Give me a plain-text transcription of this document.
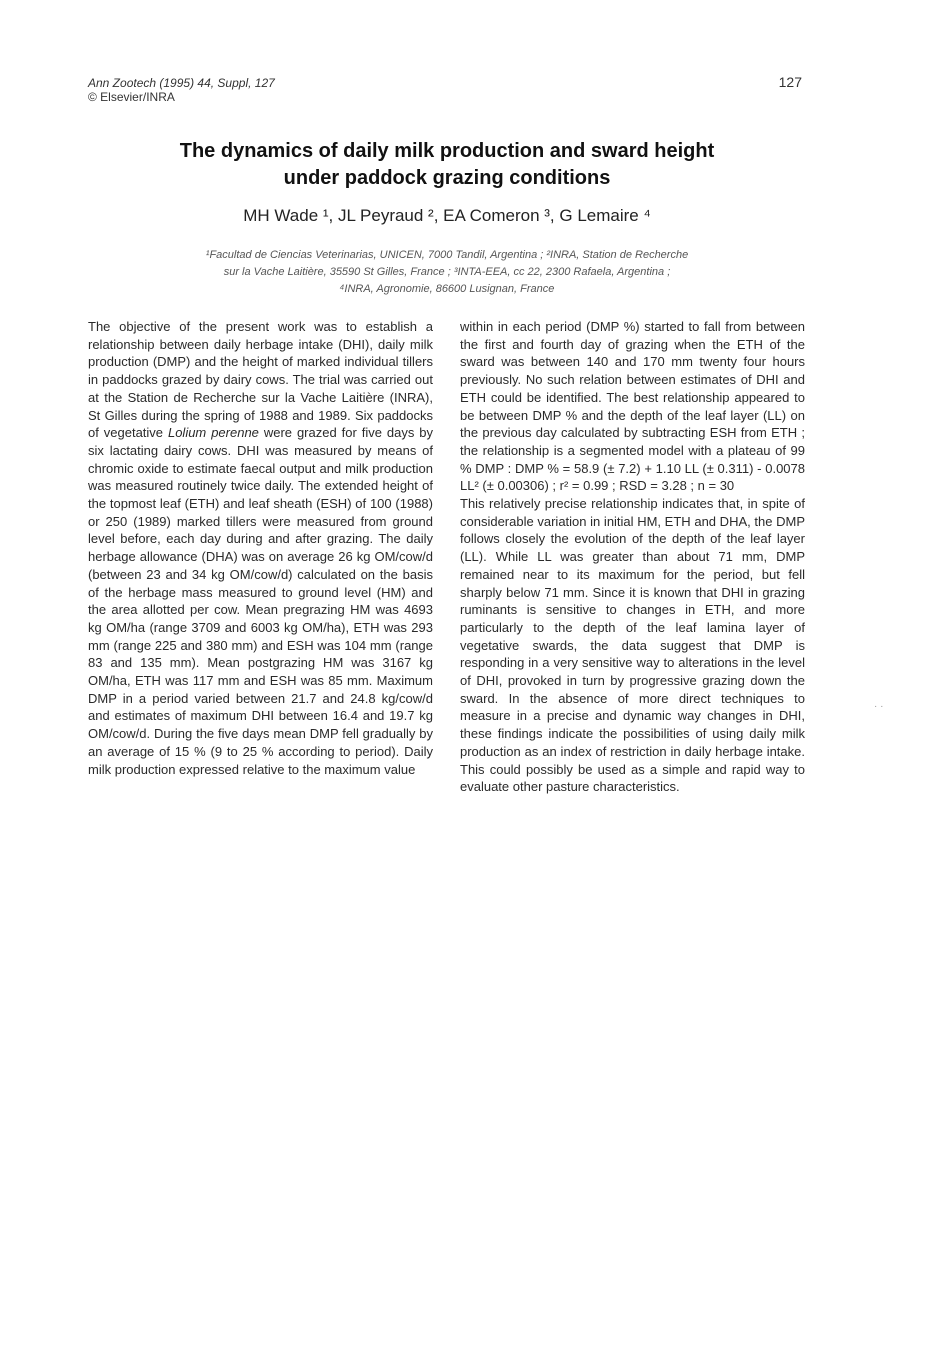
Ann Zootech (1995) 44, Suppl, 127
© Elsevier/INRA
127
The dynamics of daily milk production and sward height
under paddock grazing conditions
MH Wade ¹, JL Peyraud ², EA Comeron ³, G Lemaire ⁴
¹Facultad de Ciencias Veterinarias, UNICEN, 7000 Tandil, Argentina ; ²INRA, Station de Recherche
sur la Vache Laitière, 35590 St Gilles, France ; ³INTA-EEA, cc 22, 2300 Rafaela, Argentina ;
⁴INRA, Agronomie, 86600 Lusignan, France

The objective of the present work was to establish a relationship between daily herbage intake (DHI), daily milk production (DMP) and the height of marked individual tillers in paddocks grazed by dairy cows. The trial was carried out at the Station de Recherche sur la Vache Laitière (INRA), St Gilles during the spring of 1988 and 1989. Six paddocks of vegetative Lolium perenne were grazed for five days by six lactating dairy cows. DHI was measured by means of chromic oxide to estimate faecal output and milk production was measured routinely twice daily. The extended height of the topmost leaf (ETH) and leaf sheath (ESH) of 100 (1988) or 250 (1989) marked tillers were measured from ground level before, each day during and after grazing. The daily herbage allowance (DHA) was on average 26 kg OM/cow/d (between 23 and 34 kg OM/cow/d) calculated on the basis of the herbage mass measured to ground level (HM) and the area allotted per cow. Mean pregrazing HM was 4693 kg OM/ha (range 3709 and 6003 kg OM/ha), ETH was 293 mm (range 225 and 380 mm) and ESH was 104 mm (range 83 and 135 mm). Mean postgrazing HM was 3167 kg OM/ha, ETH was 117 mm and ESH was 85 mm. Maximum DMP in a period varied between 21.7 and 24.8 kg/cow/d and estimates of maximum DHI between 16.4 and 19.7 kg OM/cow/d. During the five days mean DMP fell gradually by an average of 15 % (9 to 25 % according to period). Daily milk production expressed relative to the maximum value

within in each period (DMP %) started to fall from between the first and fourth day of grazing when the ETH of the sward was between 140 and 170 mm twenty four hours previously. No such relation between estimates of DHI and ETH could be identified. The best relationship appeared to be between DMP % and the depth of the leaf layer (LL) on the previous day calculated by subtracting ESH from ETH ; the relationship is a segmented model with a plateau of 99 % DMP : DMP % = 58.9 (± 7.2) + 1.10 LL (± 0.311) - 0.0078 LL² (± 0.00306) ; r² = 0.99 ; RSD = 3.28 ; n = 30

This relatively precise relationship indicates that, in spite of considerable variation in initial HM, ETH and DHA, the DMP follows closely the evolution of the depth of the leaf layer (LL). While LL was greater than about 71 mm, DMP remained near to its maximum for the period, but fell sharply below 71 mm. Since it is known that DHI in grazing ruminants is sensitive to changes in ETH, and more particularly to the depth of the leaf lamina layer of vegetative swards, the data suggest that DMP is responding in a very sensitive way to alterations in the level of DHI, provoked in turn by progressive grazing down the sward. In the absence of more direct techniques to measure in a precise and dynamic way changes in DHI, these findings indicate the possibilities of using daily milk production as an index of restriction in daily herbage intake. This could possibly be used as a simple and rapid way to evaluate other pasture characteristics.

· ·
